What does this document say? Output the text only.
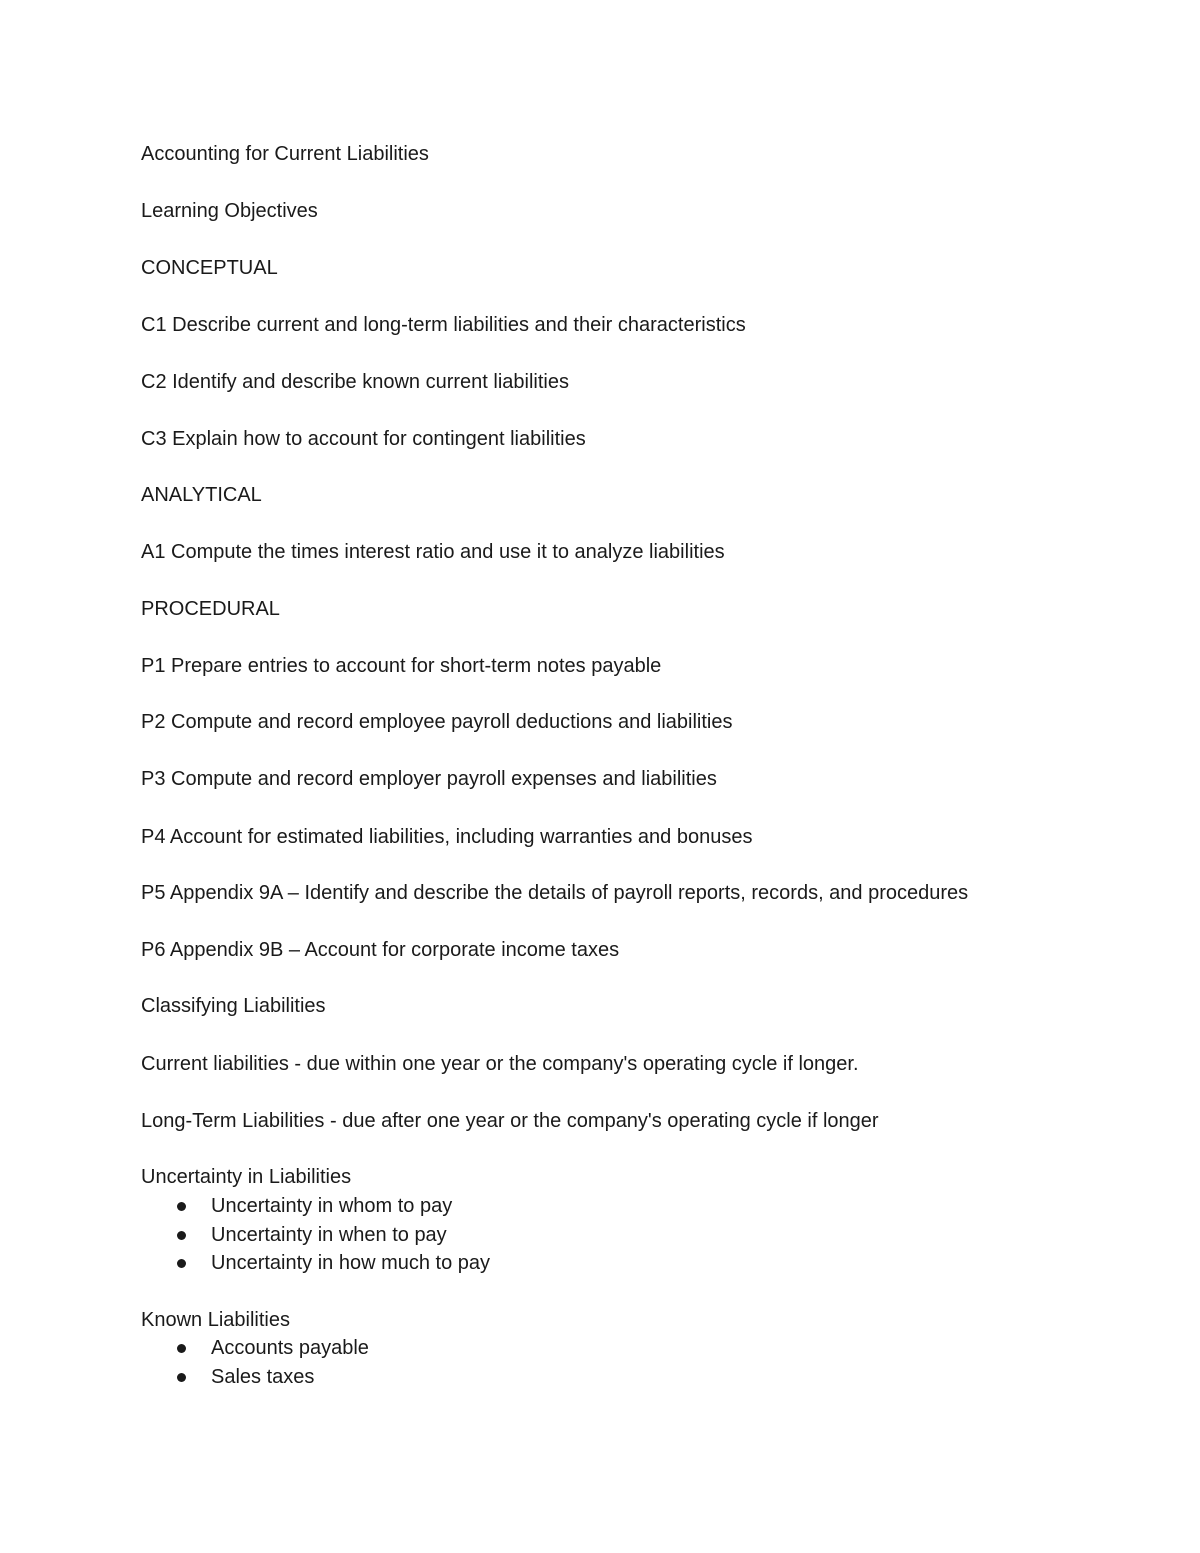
Accounting for Current Liabilities

Learning Objectives

CONCEPTUAL

C1 Describe current and long-term liabilities and their characteristics

C2 Identify and describe known current liabilities

C3 Explain how to account for contingent liabilities

ANALYTICAL

A1 Compute the times interest ratio and use it to analyze liabilities

PROCEDURAL

P1 Prepare entries to account for short-term notes payable

P2 Compute and record employee payroll deductions and liabilities

P3 Compute and record employer payroll expenses and liabilities

P4 Account for estimated liabilities, including warranties and bonuses

P5 Appendix 9A – Identify and describe the details of payroll reports, records, and procedures

P6 Appendix 9B – Account for corporate income taxes

Classifying Liabilities

Current liabilities - due within one year or the company's operating cycle if longer.

Long-Term Liabilities - due after one year or the company's operating cycle if longer

Uncertainty in Liabilities

Uncertainty in whom to pay
Uncertainty in when to pay
Uncertainty in how much to pay

Known Liabilities

Accounts payable
Sales taxes
